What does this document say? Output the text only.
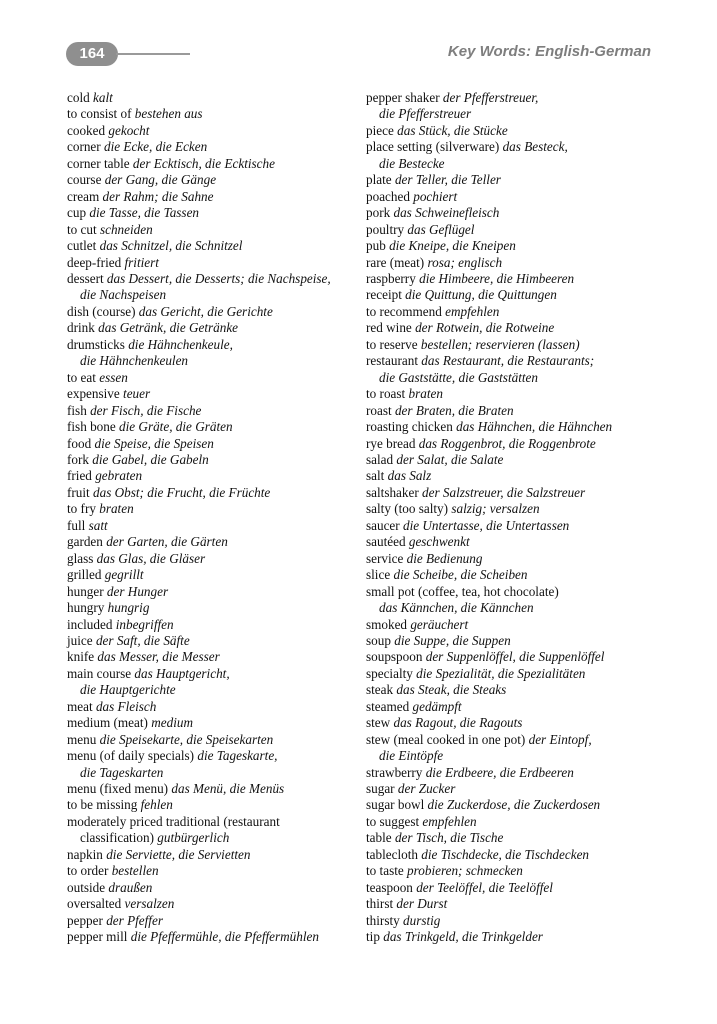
164	Key Words: English-German
cold kalt
to consist of bestehen aus
cooked gekocht
corner die Ecke, die Ecken
corner table der Ecktisch, die Ecktische
course der Gang, die Gänge
cream der Rahm; die Sahne
cup die Tasse, die Tassen
to cut schneiden
cutlet das Schnitzel, die Schnitzel
deep-fried fritiert
dessert das Dessert, die Desserts; die Nachspeise,
die Nachspeisen
dish (course) das Gericht, die Gerichte
drink das Getränk, die Getränke
drumsticks die Hähnchenkeule,
die Hähnchenkeulen
to eat essen
expensive teuer
fish der Fisch, die Fische
fish bone die Gräte, die Gräten
food die Speise, die Speisen
fork die Gabel, die Gabeln
fried gebraten
fruit das Obst; die Frucht, die Früchte
to fry braten
full satt
garden der Garten, die Gärten
glass das Glas, die Gläser
grilled gegrillt
hunger der Hunger
hungry hungrig
included inbegriffen
juice der Saft, die Säfte
knife das Messer, die Messer
main course das Hauptgericht,
die Hauptgerichte
meat das Fleisch
medium (meat) medium
menu die Speisekarte, die Speisekarten
menu (of daily specials) die Tageskarte,
die Tageskarten
menu (fixed menu) das Menü, die Menüs
to be missing fehlen
moderately priced traditional (restaurant
classification) gutbürgerlich
napkin die Serviette, die Servietten
to order bestellen
outside draußen
oversalted versalzen
pepper der Pfeffer
pepper mill die Pfeffermühle, die Pfeffermühlen
pepper shaker der Pfefferstreuer,
die Pfefferstreuer
piece das Stück, die Stücke
place setting (silverware) das Besteck,
die Bestecke
plate der Teller, die Teller
poached pochiert
pork das Schweinefleisch
poultry das Geflügel
pub die Kneipe, die Kneipen
rare (meat) rosa; englisch
raspberry die Himbeere, die Himbeeren
receipt die Quittung, die Quittungen
to recommend empfehlen
red wine der Rotwein, die Rotweine
to reserve bestellen; reservieren (lassen)
restaurant das Restaurant, die Restaurants;
die Gaststätte, die Gaststätten
to roast braten
roast der Braten, die Braten
roasting chicken das Hähnchen, die Hähnchen
rye bread das Roggenbrot, die Roggenbrote
salad der Salat, die Salate
salt das Salz
saltshaker der Salzstreuer, die Salzstreuer
salty (too salty) salzig; versalzen
saucer die Untertasse, die Untertassen
sautéed geschwenkt
service die Bedienung
slice die Scheibe, die Scheiben
small pot (coffee, tea, hot chocolate)
das Kännchen, die Kännchen
smoked geräuchert
soup die Suppe, die Suppen
soupspoon der Suppenlöffel, die Suppenlöffel
specialty die Spezialität, die Spezialitäten
steak das Steak, die Steaks
steamed gedämpft
stew das Ragout, die Ragouts
stew (meal cooked in one pot) der Eintopf,
die Eintöpfe
strawberry die Erdbeere, die Erdbeeren
sugar der Zucker
sugar bowl die Zuckerdose, die Zuckerdosen
to suggest empfehlen
table der Tisch, die Tische
tablecloth die Tischdecke, die Tischdecken
to taste probieren; schmecken
teaspoon der Teelöffel, die Teelöffel
thirst der Durst
thirsty durstig
tip das Trinkgeld, die Trinkgelder
